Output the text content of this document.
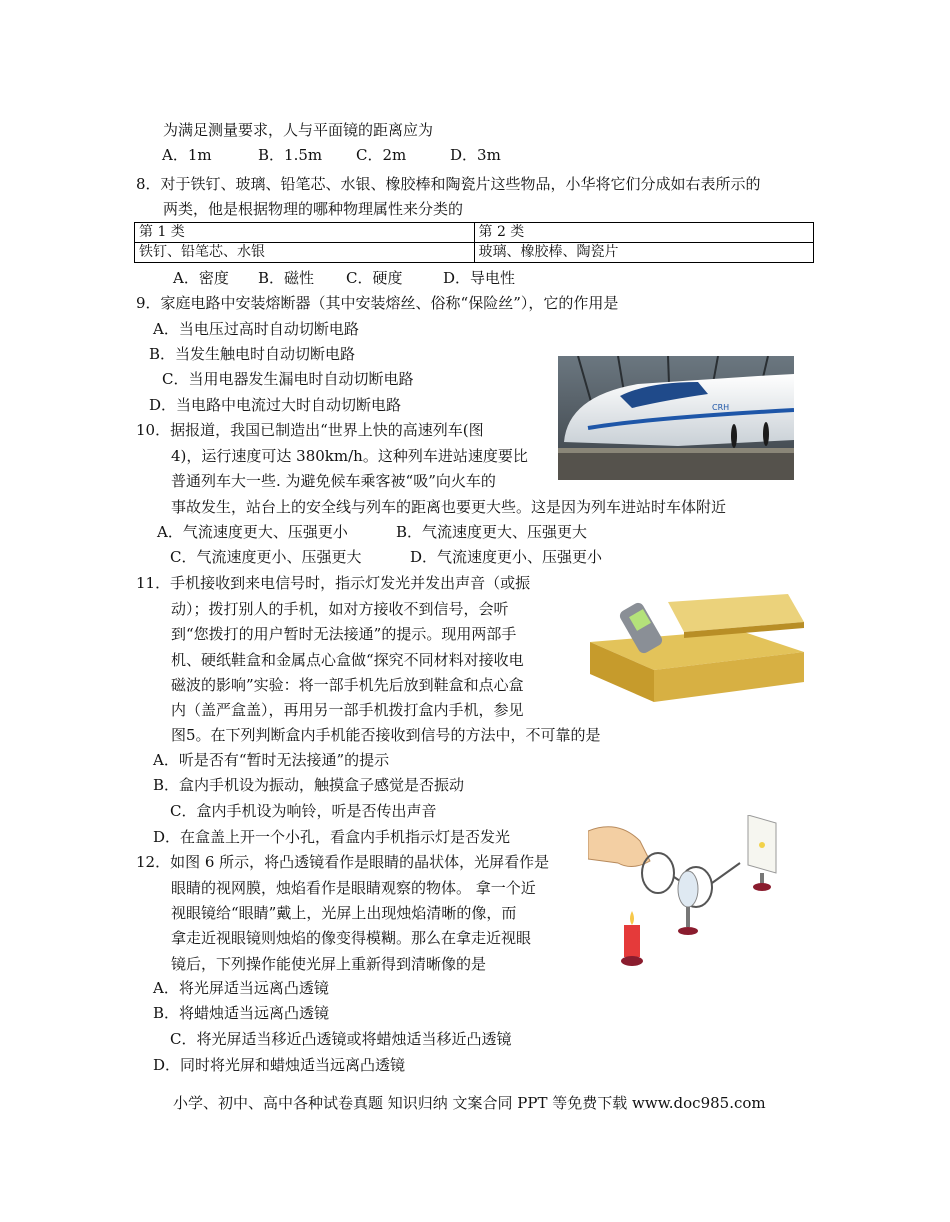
为满足测量要求，人与平面镜的距离应为
A．1m	B．1.5m C．2m	D．3m
8．对于铁钉、玻璃、铅笔芯、水银、橡胶棒和陶瓷片这些物品，小华将它们分成如右表所示的
两类，他是根据物理的哪种物理属性来分类的
第 1 类	第 2 类
铁钉、铅笔芯、水银	玻璃、橡胶棒、陶瓷片
A．密度 B．磁性 C．硬度	D．导电性
9．家庭电路中安装熔断器（其中安装熔丝、俗称“保险丝”），它的作用是
A．当电压过高时自动切断电路
B．当发生触电时自动切断电路
C．当用电器发生漏电时自动切断电路
D．当电路中电流过大时自动切断电路	CRH
10．据报道，我国已制造出“世界上快的高速列车(图
4)，运行速度可达 380km/h。这种列车进站速度要比
普通列车大一些. 为避免候车乘客被“吸”向火车的
事故发生，站台上的安全线与列车的距离也要更大些。这是因为列车进站时车体附近
A．气流速度更大、压强更小	B．气流速度更大、压强更大
C．气流速度更小、压强更大	D．气流速度更小、压强更小
11．手机接收到来电信号时，指示灯发光并发出声音（或振
动）；拨打别人的手机，如对方接收不到信号，会听
到“您拨打的用户暂时无法接通”的提示。现用两部手
机、硬纸鞋盒和金属点心盒做“探究不同材料对接收电
磁波的影响”实验：将一部手机先后放到鞋盒和点心盒
内（盖严盒盖），再用另一部手机拨打盒内手机，参见
图5。在下列判断盒内手机能否接收到信号的方法中，不可靠的是
A．听是否有“暂时无法接通”的提示
B．盒内手机设为振动，触摸盒子感觉是否振动
C．盒内手机设为响铃，听是否传出声音
D．在盒盖上开一个小孔，看盒内手机指示灯是否发光
12．如图 6 所示，将凸透镜看作是眼睛的晶状体，光屏看作是
眼睛的视网膜，烛焰看作是眼睛观察的物体。 拿一个近
视眼镜给“眼睛”戴上，光屏上出现烛焰清晰的像，而
拿走近视眼镜则烛焰的像变得模糊。那么在拿走近视眼
镜后，下列操作能使光屏上重新得到清晰像的是
A．将光屏适当远离凸透镜
B．将蜡烛适当远离凸透镜
C．将光屏适当移近凸透镜或将蜡烛适当移近凸透镜
D．同时将光屏和蜡烛适当远离凸透镜
小学、初中、高中各种试卷真题 知识归纳 文案合同 PPT 等免费下载 www.doc985.com
